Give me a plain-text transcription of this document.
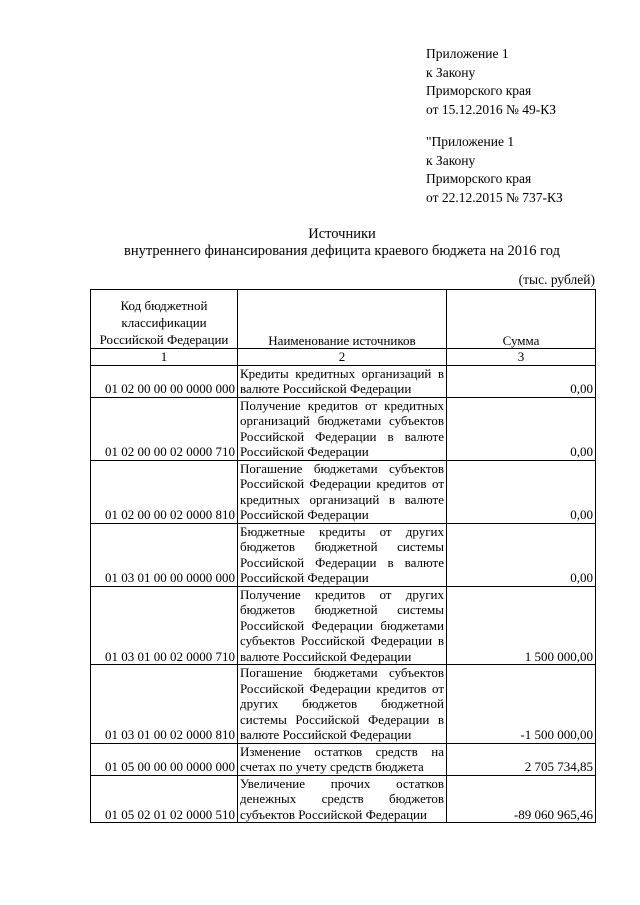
Приложение 1
к Закону
Приморского края
от 15.12.2016 № 49-КЗ
"Приложение 1
к Закону
Приморского края
от 22.12.2015 № 737-КЗ
Источники
внутреннего финансирования дефицита краевого бюджета на 2016 год
(тыс. рублей)
Код бюджетной классификации Российской Федерации	Наименование источников	Сумма
1	2	3
01 02 00 00 00 0000 000	Кредиты кредитных организаций в валюте Российской Федерации	0,00
01 02 00 00 02 0000 710	Получение кредитов от кредитных организаций бюджетами субъектов Российской Федерации в валюте Российской Федерации	0,00
01 02 00 00 02 0000 810	Погашение бюджетами субъектов Российской Федерации кредитов от кредитных организаций в валюте Российской Федерации	0,00
01 03 01 00 00 0000 000	Бюджетные кредиты от других бюджетов бюджетной системы Российской Федерации в валюте Российской Федерации	0,00
01 03 01 00 02 0000 710	Получение кредитов от других бюджетов бюджетной системы Российской Федерации бюджетами субъектов Российской Федерации в валюте Российской Федерации	1 500 000,00
01 03 01 00 02 0000 810	Погашение бюджетами субъектов Российской Федерации кредитов от других бюджетов бюджетной системы Российской Федерации в валюте Российской Федерации	-1 500 000,00
01 05 00 00 00 0000 000	Изменение остатков средств на счетах по учету средств бюджета	2 705 734,85
01 05 02 01 02 0000 510	Увеличение прочих остатков денежных средств бюджетов субъектов Российской Федерации	-89 060 965,46
